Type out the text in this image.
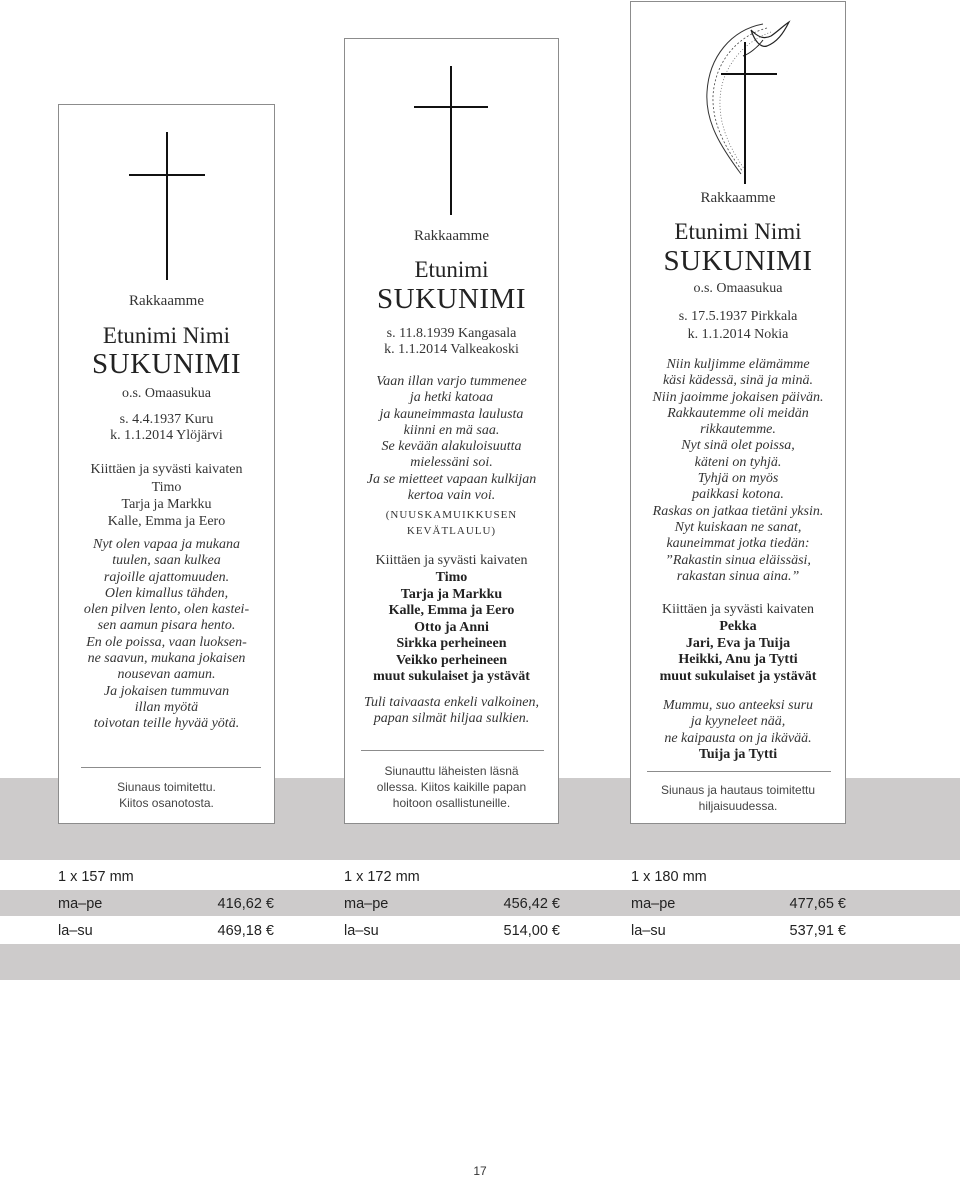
Rakkaamme
Etunimi Nimi
SUKUNIMI
o.s. Omaasukua
s. 4.4.1937 Kuru
k. 1.1.2014 Ylöjärvi
Kiittäen ja syvästi kaivaten
Timo
Tarja ja Markku
Kalle, Emma ja Eero
Nyt olen vapaa ja mukana
tuulen, saan kulkea
rajoille ajattomuuden.
Olen kimallus tähden,
olen pilven lento, olen kastei-
sen aamun pisara hento.
En ole poissa, vaan luoksen-
ne saavun, mukana jokaisen
nousevan aamun.
Ja jokaisen tummuvan
illan myötä
toivotan teille hyvää yötä.
Siunaus toimitettu.
Kiitos osanotosta.
Rakkaamme
Etunimi
SUKUNIMI
s. 11.8.1939 Kangasala
k. 1.1.2014 Valkeakoski
Vaan illan varjo tummenee
ja hetki katoaa
ja kauneimmasta laulusta
kiinni en mä saa.
Se kevään alakuloisuutta
mielessäni soi.
Ja se mietteet vapaan kulkijan
kertoa vain voi.
(NUUSKAMUIKKUSEN
KEVÄTLAULU)
Kiittäen ja syvästi kaivaten
Timo
Tarja ja Markku
Kalle, Emma ja Eero
Otto ja Anni
Sirkka perheineen
Veikko perheineen
muut sukulaiset ja ystävät
Tuli taivaasta enkeli valkoinen,
papan silmät hiljaa sulkien.
Siunauttu läheisten läsnä
ollessa. Kiitos kaikille papan
hoitoon osallistuneille.
Rakkaamme
Etunimi Nimi
SUKUNIMI
o.s. Omaasukua
s. 17.5.1937 Pirkkala
k. 1.1.2014 Nokia
Niin kuljimme elämämme
käsi kädessä, sinä ja minä.
Niin jaoimme jokaisen päivän.
Rakkautemme oli meidän
rikkautemme.
Nyt sinä olet poissa,
käteni on tyhjä.
Tyhjä on myös
paikkasi kotona.
Raskas on jatkaa tietäni yksin.
Nyt kuiskaan ne sanat,
kauneimmat jotka tiedän:
”Rakastin sinua eläissäsi,
rakastan sinua aina.”
Kiittäen ja syvästi kaivaten
Pekka
Jari, Eva ja Tuija
Heikki, Anu ja Tytti
muut sukulaiset ja ystävät
Mummu, suo anteeksi suru
ja kyyneleet nää,
ne kaipausta on ja ikävää.
Tuija ja Tytti
Siunaus ja hautaus toimitettu
hiljaisuudessa.
1 x 157 mm
ma–pe	416,62 €
la–su	469,18 €
1 x 172 mm
ma–pe	456,42 €
la–su	514,00 €
1 x 180 mm
ma–pe	477,65 €
la–su	537,91 €
17
